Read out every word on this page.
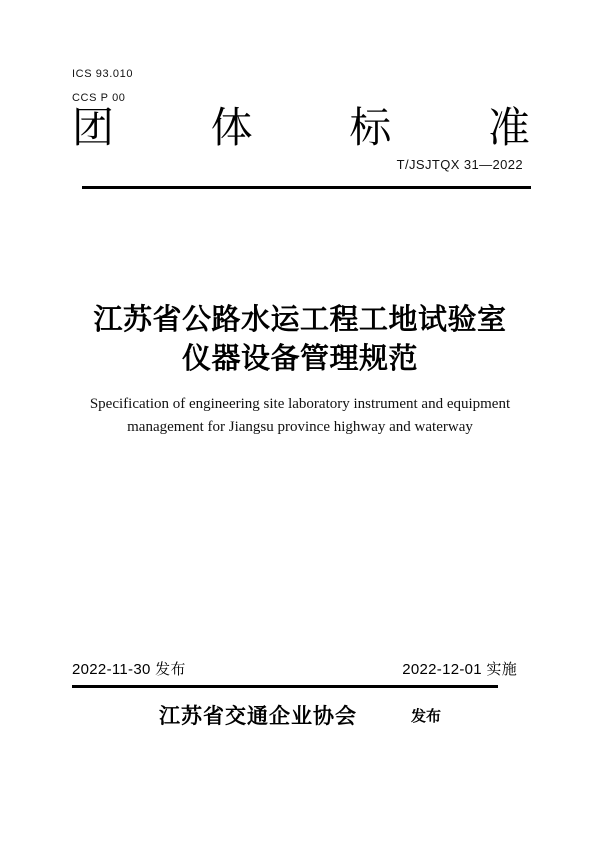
ICS 93.010
CCS P 00
团 体 标 准
T/JSJTQX 31—2022
江苏省公路水运工程工地试验室
仪器设备管理规范
Specification of engineering site laboratory instrument and equipment
management for Jiangsu province highway and waterway
2022-11-30 发布	2022-12-01 实施
江苏省交通企业协会	发布
